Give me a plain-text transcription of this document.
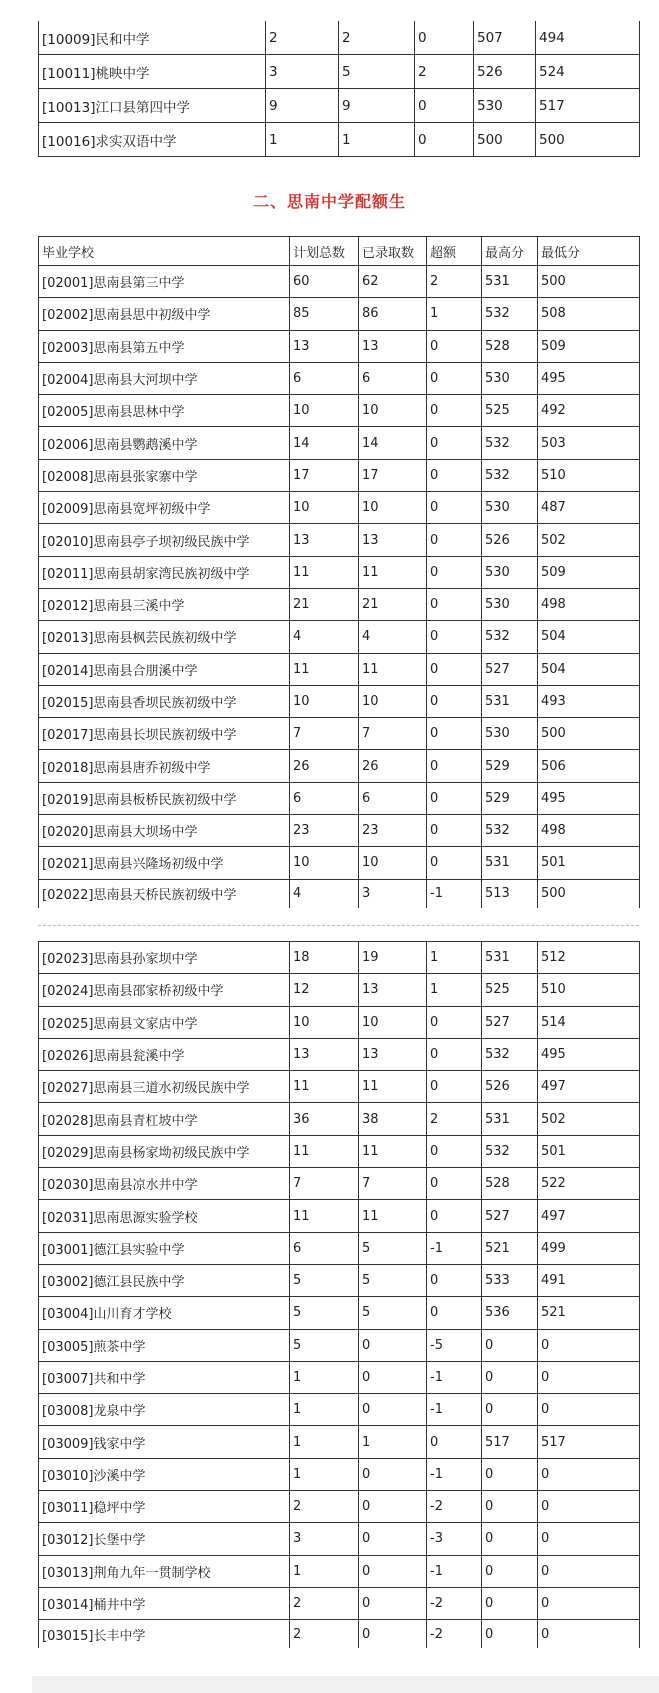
[10009]民和中学	2	2	0	507	494
[10011]桃映中学	3	5	2	526	524
[10013]江口县第四中学	9	9	0	530	517
[10016]求实双语中学	1	1	0	500	500
二、思南中学配额生
毕业学校	计划总数	已录取数	超额	最高分	最低分
[02001]思南县第三中学	60	62	2	531	500
[02002]思南县思中初级中学	85	86	1	532	508
[02003]思南县第五中学	13	13	0	528	509
[02004]思南县大河坝中学	6	6	0	530	495
[02005]思南县思林中学	10	10	0	525	492
[02006]思南县鹦鹉溪中学	14	14	0	532	503
[02008]思南县张家寨中学	17	17	0	532	510
[02009]思南县宽坪初级中学	10	10	0	530	487
[02010]思南县亭子坝初级民族中学	13	13	0	526	502
[02011]思南县胡家湾民族初级中学	11	11	0	530	509
[02012]思南县三溪中学	21	21	0	530	498
[02013]思南县枫芸民族初级中学	4	4	0	532	504
[02014]思南县合朋溪中学	11	11	0	527	504
[02015]思南县香坝民族初级中学	10	10	0	531	493
[02017]思南县长坝民族初级中学	7	7	0	530	500
[02018]思南县唐乔初级中学	26	26	0	529	506
[02019]思南县板桥民族初级中学	6	6	0	529	495
[02020]思南县大坝场中学	23	23	0	532	498
[02021]思南县兴隆场初级中学	10	10	0	531	501
[02022]思南县天桥民族初级中学	4	3	-1	513	500
[02023]思南县孙家坝中学	18	19	1	531	512
[02024]思南县邵家桥初级中学	12	13	1	525	510
[02025]思南县文家店中学	10	10	0	527	514
[02026]思南县瓮溪中学	13	13	0	532	495
[02027]思南县三道水初级民族中学	11	11	0	526	497
[02028]思南县青杠坡中学	36	38	2	531	502
[02029]思南县杨家坳初级民族中学	11	11	0	532	501
[02030]思南县凉水井中学	7	7	0	528	522
[02031]思南思源实验学校	11	11	0	527	497
[03001]德江县实验中学	6	5	-1	521	499
[03002]德江县民族中学	5	5	0	533	491
[03004]山川育才学校	5	5	0	536	521
[03005]煎茶中学	5	0	-5	0	0
[03007]共和中学	1	0	-1	0	0
[03008]龙泉中学	1	0	-1	0	0
[03009]钱家中学	1	1	0	517	517
[03010]沙溪中学	1	0	-1	0	0
[03011]稳坪中学	2	0	-2	0	0
[03012]长堡中学	3	0	-3	0	0
[03013]荆角九年一贯制学校	1	0	-1	0	0
[03014]桶井中学	2	0	-2	0	0
[03015]长丰中学	2	0	-2	0	0
